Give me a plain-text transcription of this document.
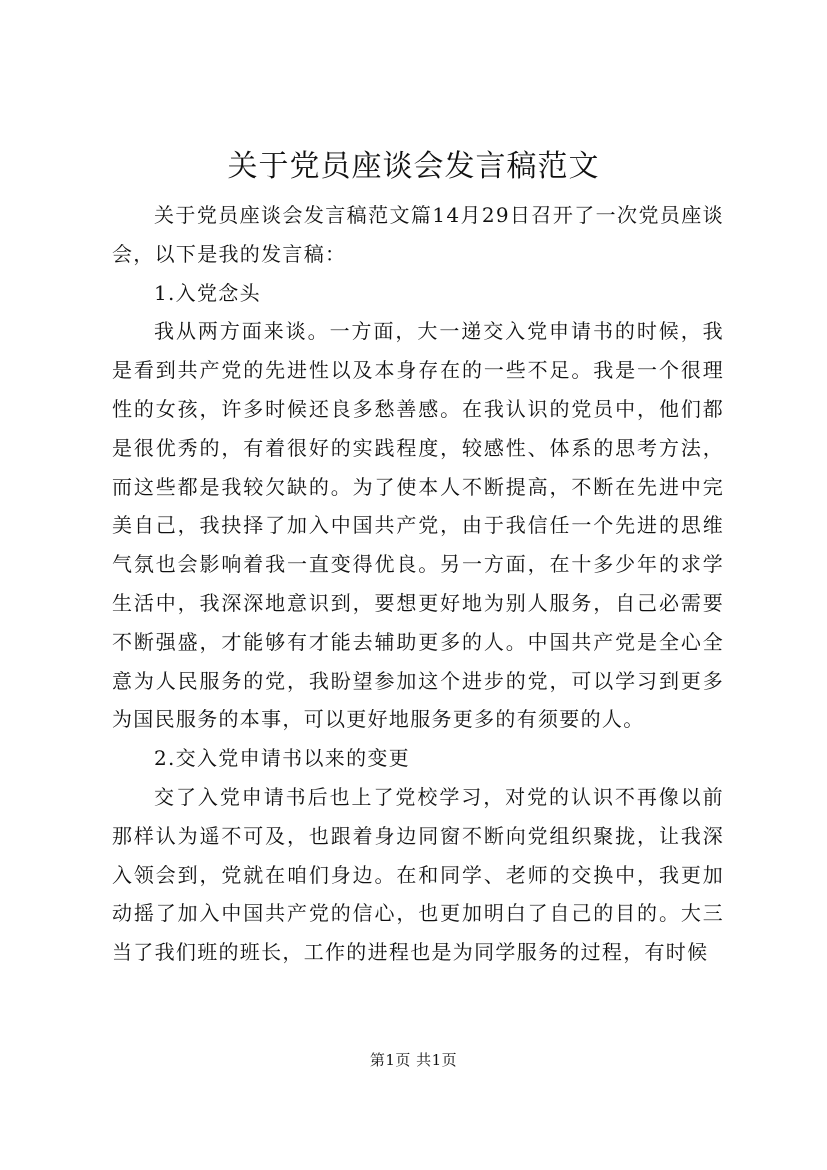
关于党员座谈会发言稿范文

关于党员座谈会发言稿范文篇14月29日召开了一次党员座谈会，以下是我的发言稿：

1.入党念头

我从两方面来谈。一方面，大一递交入党申请书的时候，我是看到共产党的先进性以及本身存在的一些不足。我是一个很理性的女孩，许多时候还良多愁善感。在我认识的党员中，他们都是很优秀的，有着很好的实践程度，较感性、体系的思考方法，而这些都是我较欠缺的。为了使本人不断提高，不断在先进中完美自己，我抉择了加入中国共产党，由于我信任一个先进的思维气氛也会影响着我一直变得优良。另一方面，在十多少年的求学生活中，我深深地意识到，要想更好地为别人服务，自己必需要不断强盛，才能够有才能去辅助更多的人。中国共产党是全心全意为人民服务的党，我盼望参加这个进步的党，可以学习到更多为国民服务的本事，可以更好地服务更多的有须要的人。

2.交入党申请书以来的变更

交了入党申请书后也上了党校学习，对党的认识不再像以前那样认为遥不可及，也跟着身边同窗不断向党组织聚拢，让我深入领会到，党就在咱们身边。在和同学、老师的交换中，我更加动摇了加入中国共产党的信心，也更加明白了自己的目的。大三当了我们班的班长，工作的进程也是为同学服务的过程，有时候

第1页 共1页
